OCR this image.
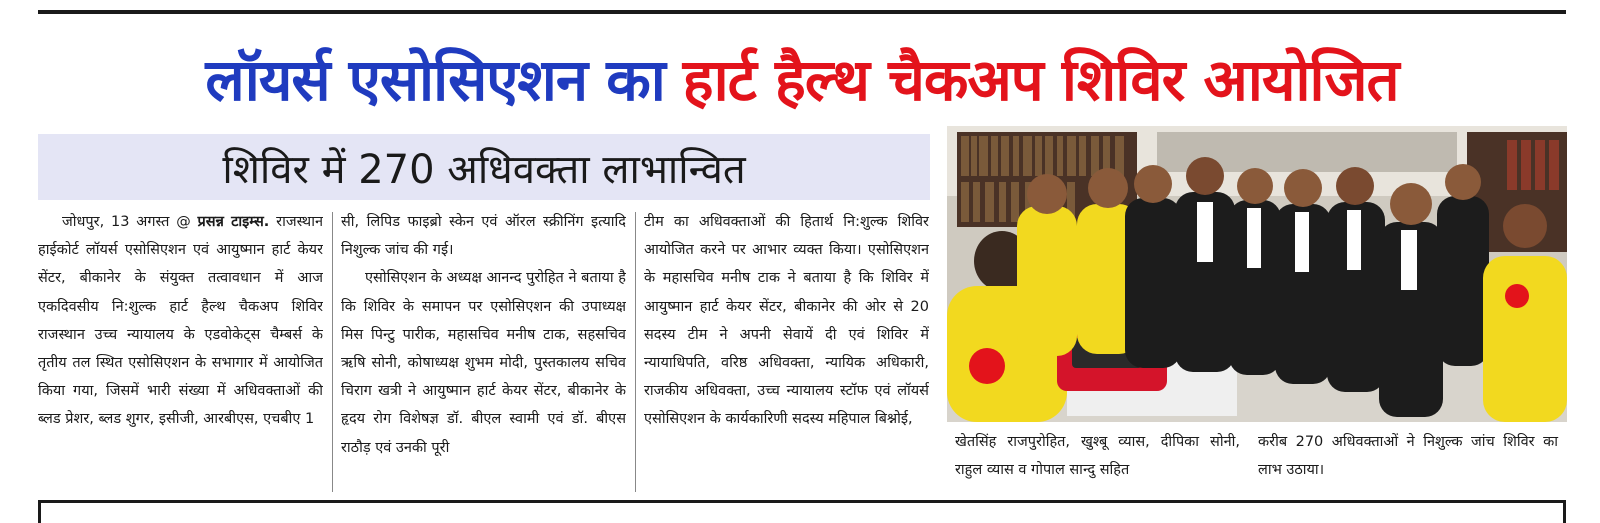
लॉयर्स एसोसिएशन का हार्ट हैल्थ चैकअप शिविर आयोजित
शिविर में 270 अधिवक्ता लाभान्वित

जोधपुर, 13 अगस्त @ प्रसन्न टाइम्स. राजस्थान हाईकोर्ट लॉयर्स एसोसिएशन एवं आयुष्मान हार्ट केयर सेंटर, बीकानेर के संयुक्त तत्वावधान में आज एकदिवसीय नि:शुल्क हार्ट हैल्थ चैकअप शिविर राजस्थान उच्च न्यायालय के एडवोकेट्स चैम्बर्स के तृतीय तल स्थित एसोसिएशन के सभागार में आयोजित किया गया, जिसमें भारी संख्या में अधिवक्ताओं की ब्लड प्रेशर, ब्लड शुगर, इसीजी, आरबीएस, एचबीए 1

सी, लिपिड फाइब्रो स्केन एवं ऑरल स्क्रीनिंग इत्यादि निशुल्क जांच की गई।

एसोसिएशन के अध्यक्ष आनन्द पुरोहित ने बताया है कि शिविर के समापन पर एसोसिएशन की उपाध्यक्ष मिस पिन्टु पारीक, महासचिव मनीष टाक, सहसचिव ऋषि सोनी, कोषाध्यक्ष शुभम मोदी, पुस्तकालय सचिव चिराग खत्री ने आयुष्मान हार्ट केयर सेंटर, बीकानेर के हृदय रोग विशेषज्ञ डॉ. बीएल स्वामी एवं डॉ. बीएस राठौड़ एवं उनकी पूरी

टीम का अधिवक्ताओं की हितार्थ नि:शुल्क शिविर आयोजित करने पर आभार व्यक्त किया। एसोसिएशन के महासचिव मनीष टाक ने बताया है कि शिविर में आयुष्मान हार्ट केयर सेंटर, बीकानेर की ओर से 20 सदस्य टीम ने अपनी सेवायें दी एवं शिविर में न्यायाधिपति, वरिष्ठ अधिवक्ता, न्यायिक अधिकारी, राजकीय अधिवक्ता, उच्च न्यायालय स्टॉफ एवं लॉयर्स एसोसिएशन के कार्यकारिणी सदस्य महिपाल बिश्नोई,

खेतसिंह राजपुरोहित, खुश्बू व्यास, दीपिका सोनी, राहुल व्यास व गोपाल सान्दु सहित
करीब 270 अधिवक्ताओं ने निशुल्क जांच शिविर का लाभ उठाया।
